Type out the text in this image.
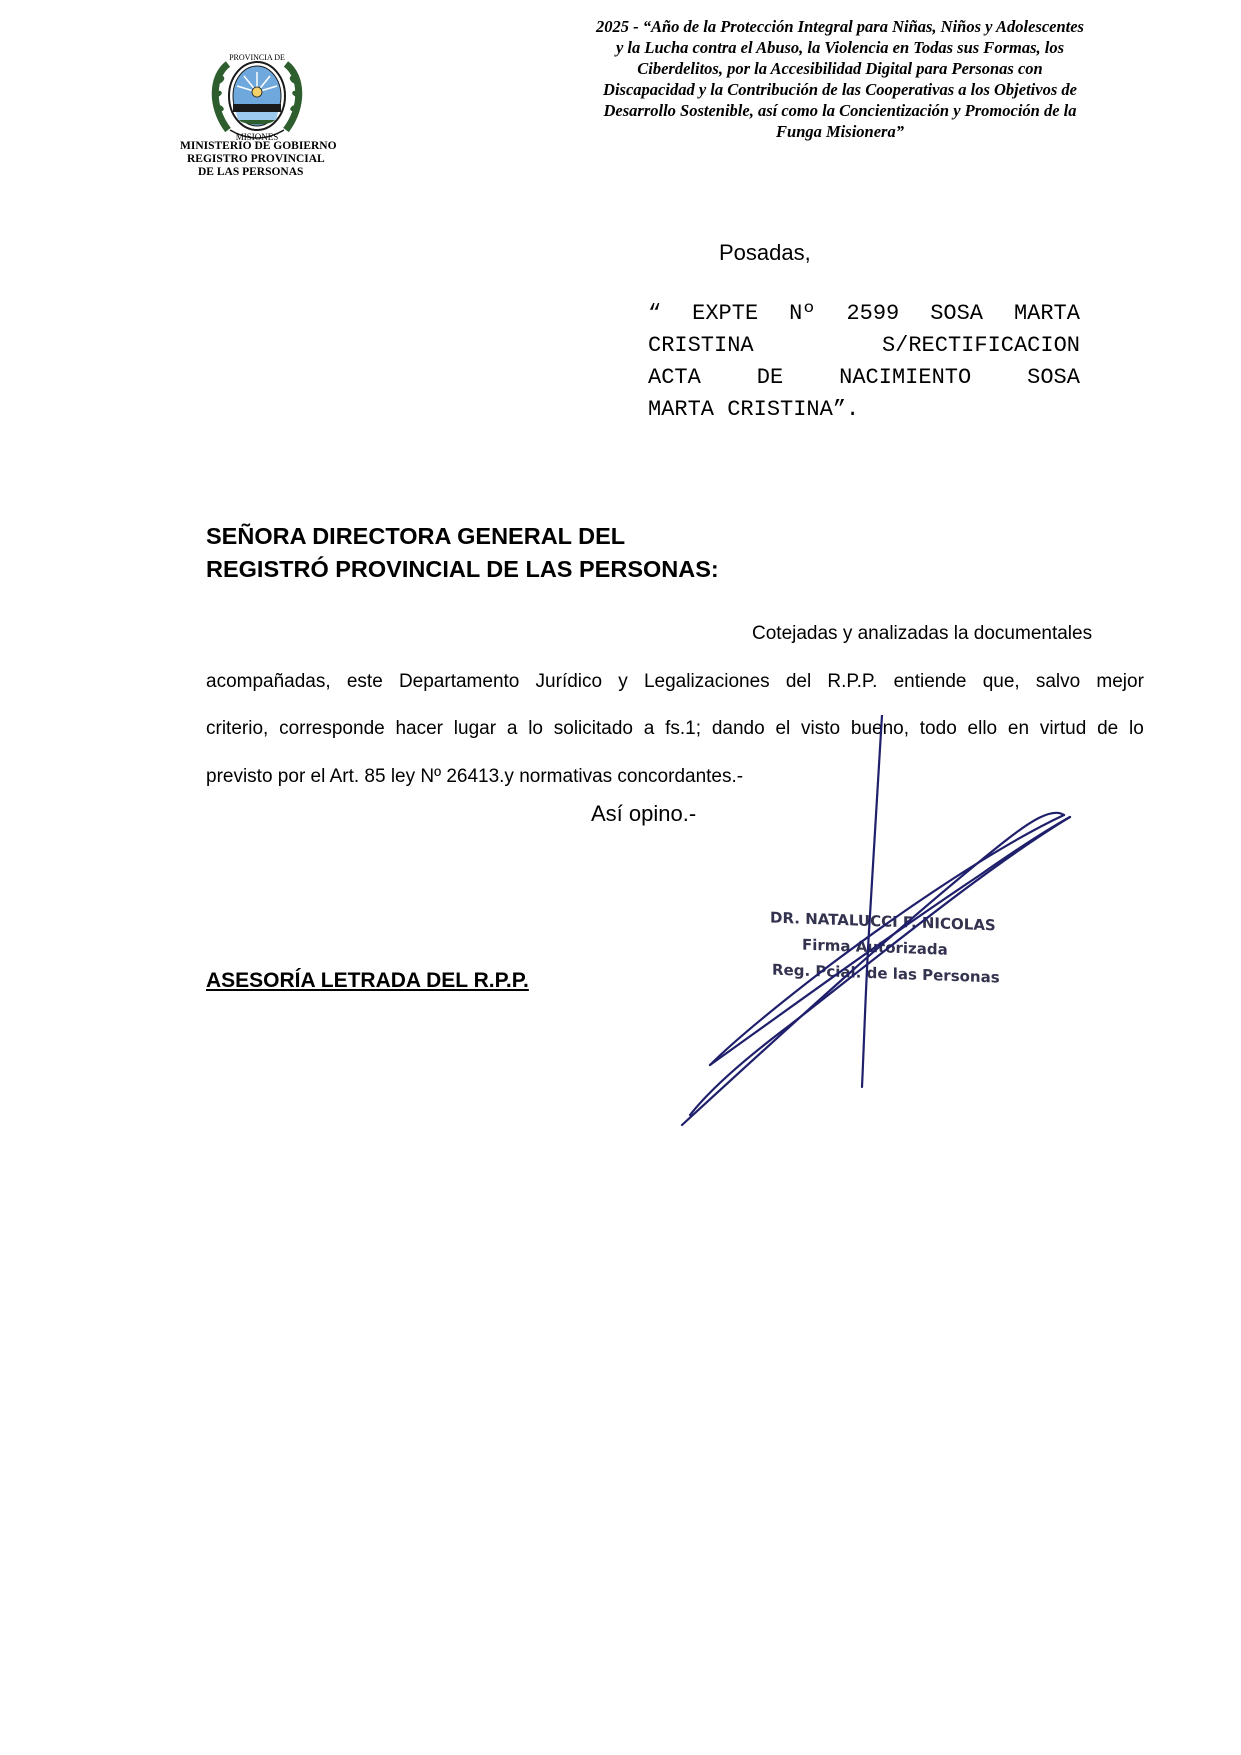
MISIONES
PROVINCIA DE
MINISTERIO DE GOBIERNO
REGISTRO PROVINCIAL
DE LAS PERSONAS
2025 - “Año de la Protección Integral para Niñas, Niños y Adolescentes
y la Lucha contra el Abuso, la Violencia en Todas sus Formas, los
Ciberdelitos, por la Accesibilidad Digital para Personas con
Discapacidad y la Contribución de las Cooperativas a los Objetivos de
Desarrollo Sostenible, así como la Concientización y Promoción de la
Funga Misionera”
Posadas,
“ EXPTE Nº 2599 SOSA MARTA
CRISTINA	S/RECTIFICACION
ACTA	DE	NACIMIENTO	SOSA
MARTA CRISTINA”.
SEÑORA DIRECTORA GENERAL DEL
REGISTRÓ PROVINCIAL DE LAS PERSONAS:
Cotejadas y analizadas la documentales
acompañadas, este Departamento Jurídico y Legalizaciones del R.P.P. entiende que, salvo mejor
criterio, corresponde hacer lugar a lo solicitado a fs.1; dando el visto bueno, todo ello en virtud de lo
previsto por el Art. 85 ley Nº 26413.y normativas concordantes.-
Así opino.-
ASESORÍA LETRADA DEL R.P.P.
DR. NATALUCCI F. NICOLAS
Firma Autorizada
Reg. Pcial. de las Personas
